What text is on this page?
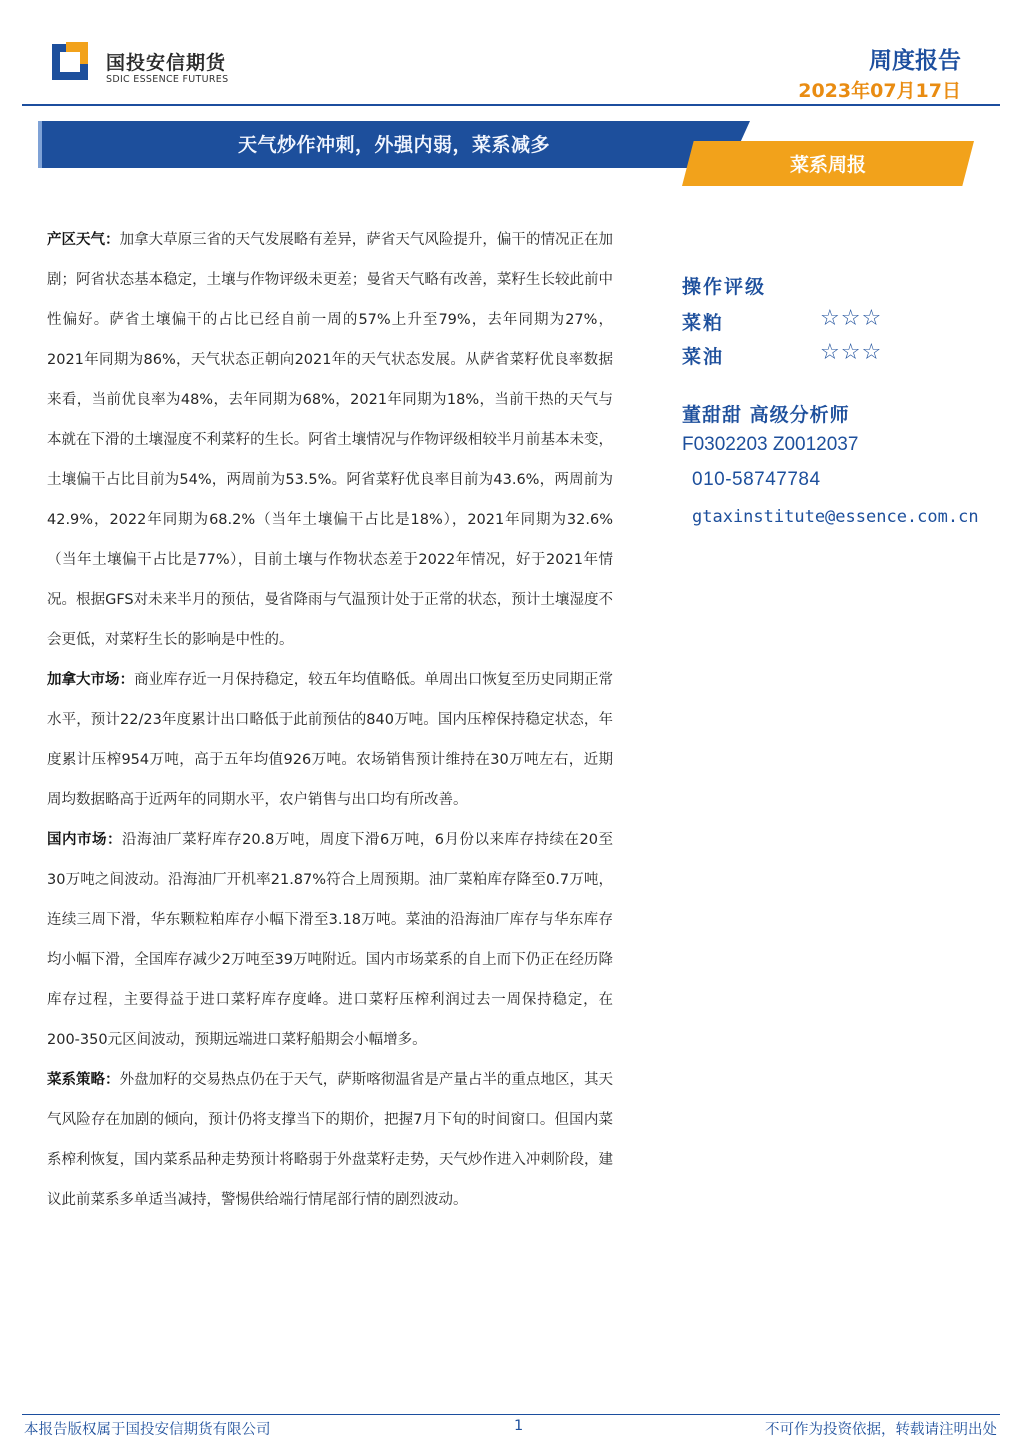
国投安信期货
SDIC ESSENCE FUTURES
周度报告
2023年07月17日
天气炒作冲刺，外强内弱，菜系减多
菜系周报

产区天气：加拿大草原三省的天气发展略有差异，萨省天气风险提升，偏干的情况正在加剧；阿省状态基本稳定，土壤与作物评级未更差；曼省天气略有改善，菜籽生长较此前中性偏好。萨省土壤偏干的占比已经自前一周的57%上升至79%，去年同期为27%，2021年同期为86%，天气状态正朝向2021年的天气状态发展。从萨省菜籽优良率数据来看，当前优良率为48%，去年同期为68%，2021年同期为18%，当前干热的天气与本就在下滑的土壤湿度不利菜籽的生长。阿省土壤情况与作物评级相较半月前基本未变，土壤偏干占比目前为54%，两周前为53.5%。阿省菜籽优良率目前为43.6%，两周前为42.9%，2022年同期为68.2%（当年土壤偏干占比是18%），2021年同期为32.6%（当年土壤偏干占比是77%），目前土壤与作物状态差于2022年情况，好于2021年情况。根据GFS对未来半月的预估，曼省降雨与气温预计处于正常的状态，预计土壤湿度不会更低，对菜籽生长的影响是中性的。

加拿大市场：商业库存近一月保持稳定，较五年均值略低。单周出口恢复至历史同期正常水平，预计22/23年度累计出口略低于此前预估的840万吨。国内压榨保持稳定状态，年度累计压榨954万吨，高于五年均值926万吨。农场销售预计维持在30万吨左右，近期周均数据略高于近两年的同期水平，农户销售与出口均有所改善。

国内市场：沿海油厂菜籽库存20.8万吨，周度下滑6万吨，6月份以来库存持续在20至30万吨之间波动。沿海油厂开机率21.87%符合上周预期。油厂菜粕库存降至0.7万吨，连续三周下滑，华东颗粒粕库存小幅下滑至3.18万吨。菜油的沿海油厂库存与华东库存均小幅下滑，全国库存减少2万吨至39万吨附近。国内市场菜系的自上而下仍正在经历降库存过程，主要得益于进口菜籽库存度峰。进口菜籽压榨利润过去一周保持稳定，在200-350元区间波动，预期远端进口菜籽船期会小幅增多。

菜系策略：外盘加籽的交易热点仍在于天气，萨斯喀彻温省是产量占半的重点地区，其天气风险存在加剧的倾向，预计仍将支撑当下的期价，把握7月下旬的时间窗口。但国内菜系榨利恢复，国内菜系品种走势预计将略弱于外盘菜籽走势，天气炒作进入冲刺阶段，建议此前菜系多单适当减持，警惕供给端行情尾部行情的剧烈波动。

操作评级
菜粕	☆☆☆
菜油	☆☆☆
董甜甜 高级分析师
F0302203 Z0012037
010-58747784
gtaxinstitute@essence.com.cn
本报告版权属于国投安信期货有限公司	1	不可作为投资依据，转载请注明出处
